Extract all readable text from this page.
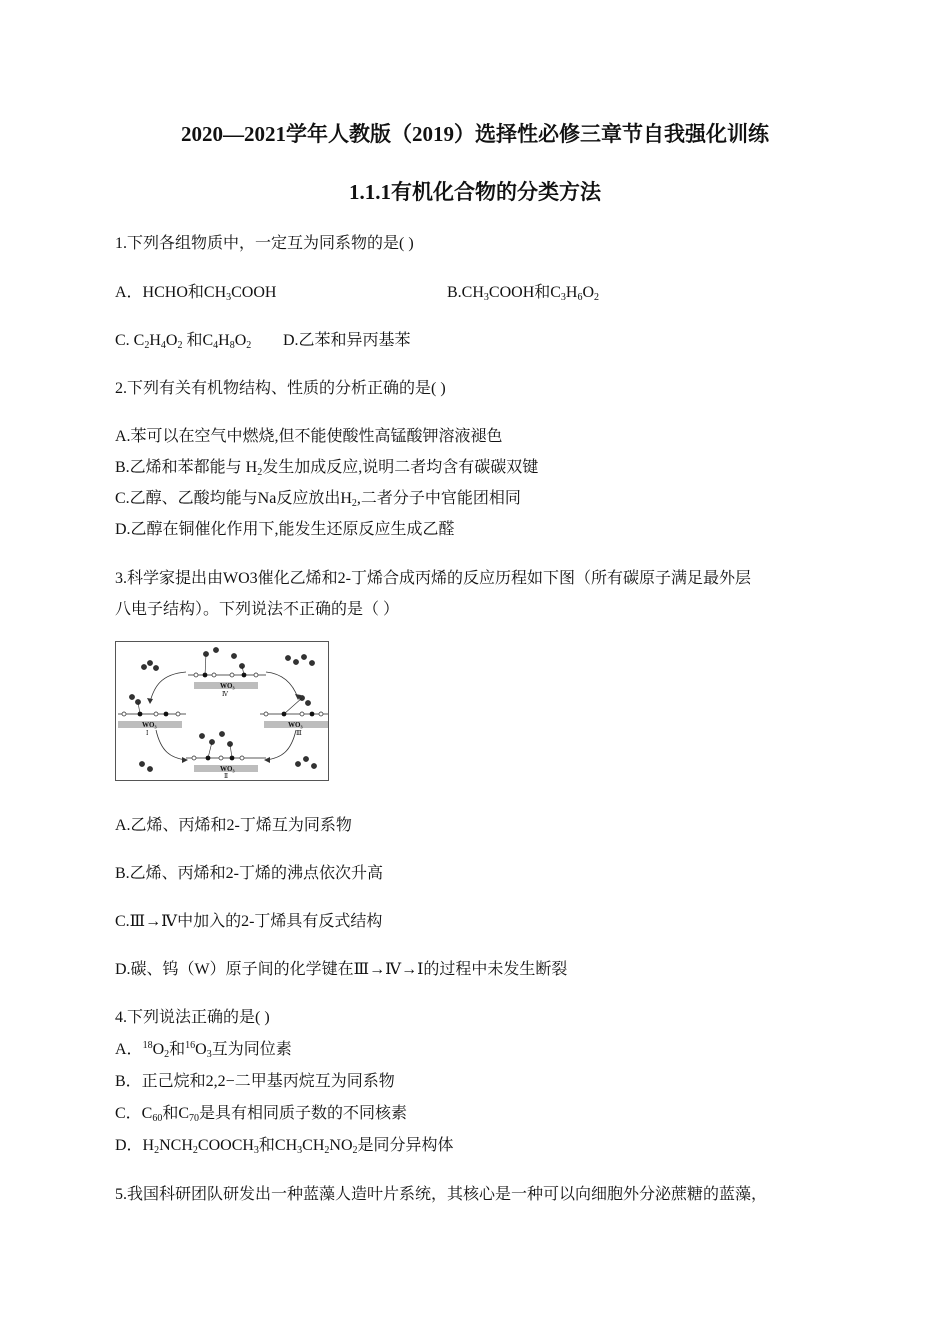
2020—2021学年人教版（2019）选择性必修三章节自我强化训练
1.1.1有机化合物的分类方法
1.下列各组物质中，一定互为同系物的是( )
A．HCHO和$CH_3COOH$	$B.CH_3COOH$和$C_3H_6O_2$
C. $C_2H_4O_2$ 和$C_4H_8O_2$ D.乙苯和异丙基苯
2.下列有关有机物结构、性质的分析正确的是( )
A.苯可以在空气中燃烧,但不能使酸性高锰酸钾溶液褪色
B.乙烯和苯都能与 $H_2$发生加成反应,说明二者均含有碳碳双键
C.乙醇、乙酸均能与Na反应放出$H_2$,二者分子中官能团相同
D.乙醇在铜催化作用下,能发生还原反应生成乙醛
3.科学家提出由WO3催化乙烯和2-丁烯合成丙烯的反应历程如下图（所有碳原子满足最外层
八电子结构）。下列说法不正确的是（ ）
WO₃
WO₃	WO₃
WO₃
Ⅳ
Ⅰ	Ⅲ
Ⅱ
A.乙烯、丙烯和2-丁烯互为同系物
B.乙烯、丙烯和2-丁烯的沸点依次升高
C.Ⅲ→Ⅳ中加入的2-丁烯具有反式结构
D.碳、钨（W）原子间的化学键在Ⅲ→Ⅳ→Ⅰ的过程中未发生断裂
4.下列说法正确的是( )
A．$^{18}O_2$和$^{16}O_3$互为同位素
B．正己烷和2,2−二甲基丙烷互为同系物
C．$C_{60}$和$C_{70}$是具有相同质子数的不同核素
D．$H_2NCH_2COOCH_3$和$CH_3CH_2NO_2$是同分异构体
5.我国科研团队研发出一种蓝藻人造叶片系统，其核心是一种可以向细胞外分泌蔗糖的蓝藻，
